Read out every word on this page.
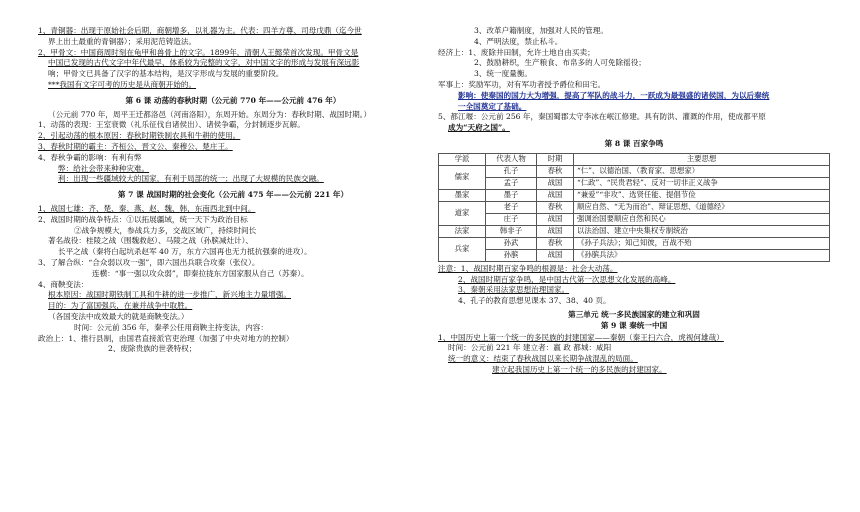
1、青铜器：出现于原始社会后期，商朝增多，以礼器为主。代表：四羊方尊、司母戊鼎（迄今世
界上出土最重的青铜器）；采用泥范铸造法。
2、甲骨文：中国商周时刻在龟甲和兽骨上的文字。1899年，清朝人王懿荣首次发现。甲骨文是
中国已发现的古代文字中年代最早、体系较为完整的文字，对中国文字的形成与发展有深远影
响；甲骨文已具备了汉字的基本结构，是汉字形成与发展的重要阶段。
***我国有文字可考的历史是从商朝开始的。
第 6 课 动荡的春秋时期（公元前 770 年——公元前 476 年）
（公元前 770 年，周平王迁都洛邑（河南洛阳），东周开始。东周分为：春秋时期、战国时期。）
1、动荡的表现：王室衰微（礼乐征伐自诸侯出）、诸侯争霸，分封制逐步瓦解。
2、引起动荡的根本原因：春秋时期铁制农具和牛耕的使用。
3、春秋时期的霸主：齐桓公、晋文公、秦穆公、楚庄王。
4、春秋争霸的影响：有利有弊
弊：给社会带来种种灾难。
利：出现一些疆域较大的国家，有利于局部的统一；出现了大规模的民族交融。
第 7 课 战国时期的社会变化（公元前 475 年——公元前 221 年）
1、战国七雄：齐、楚、秦、燕、赵、魏、韩，东南西北到中间。
2、战国时期的战争特点：①以拓展疆域，统一天下为政治目标
②战争规模大，参战兵力多，交战区域广，持续时间长
著名战役：桂陵之战（围魏救赵）、马陵之战（孙膑减灶计）、
长平之战（秦将白起坑杀赵军 40 万，东方六国再也无力抵抗强秦的进攻）。
3、了解合纵：“合众弱以攻一强”，即六国出兵联合攻秦（张仪）。
连横：“事一强以攻众弱”，即秦拉拢东方国家服从自己（苏秦）。
4、商鞅变法：
根本原因：战国时期铁制工具和牛耕的进一步推广，新兴地主力量增强。
目的：为了富国强兵，在兼并战争中取胜。
（各国变法中成效最大的就是商鞅变法。）
时间：公元前 356 年，秦孝公任用商鞅主持变法，内容：
政治上：1、推行县制，由国君直接派官吏治理（加强了中央对地方的控制）
2、废除贵族的世袭特权；
3、改革户籍制度，加强对人民的管理。
4、严明法度，禁止私斗。
经济上：1、废除井田制，允许土地自由买卖；
2、鼓励耕织，生产粮食、布帛多的人可免除徭役；
3、统一度量衡。
军事上：奖励军功，对有军功者授予爵位和田宅。
影响：使秦国的国力大为增强，提高了军队的战斗力，一跃成为最强盛的诸侯国，为以后秦统
一全国奠定了基础。
5、都江堰：公元前 256 年，秦国蜀郡太守李冰在岷江修建。具有防洪、灌溉的作用，使成都平原
成为“天府之国”。
第 8 课 百家争鸣
学派	代表人物	时期	主要思想
儒家	孔子	春秋	“仁”、以德治国、（教育家、思想家）
	孟子	战国	“仁政”、“民贵君轻”、反对一切非正义战争
墨家	墨子	战国	“兼爱”“非攻”、选贤任能、提倡节俭
道家	老子	春秋	顺应自然、“无为而治”、辩证思想、《道德经》
	庄子	战国	强调治国要顺应自然和民心
法家	韩非子	战国	以法治国、建立中央集权专制统治
兵家	孙武	春秋	《孙子兵法》；知己知彼，百战不殆
	孙膑	战国	《孙膑兵法》
注意：1、战国时期百家争鸣的根源是：社会大动荡。
2、战国时期百家争鸣，是中国古代第一次思想文化发展的高峰。
3、秦朝采用法家思想治理国家。
4、孔子的教育思想见课本 37、38、40 页。
第三单元 统一多民族国家的建立和巩固
第 9 课 秦统一中国
1、中国历史上第一个统一的多民族的封建国家——秦朝（秦王扫六合，虎视何雄哉）
时间：公元前 221 年 建立者：嬴 政 都城：咸阳
统一的意义：结束了春秋战国以来长期争战混乱的局面。
建立起我国历史上第一个统一的多民族的封建国家。
